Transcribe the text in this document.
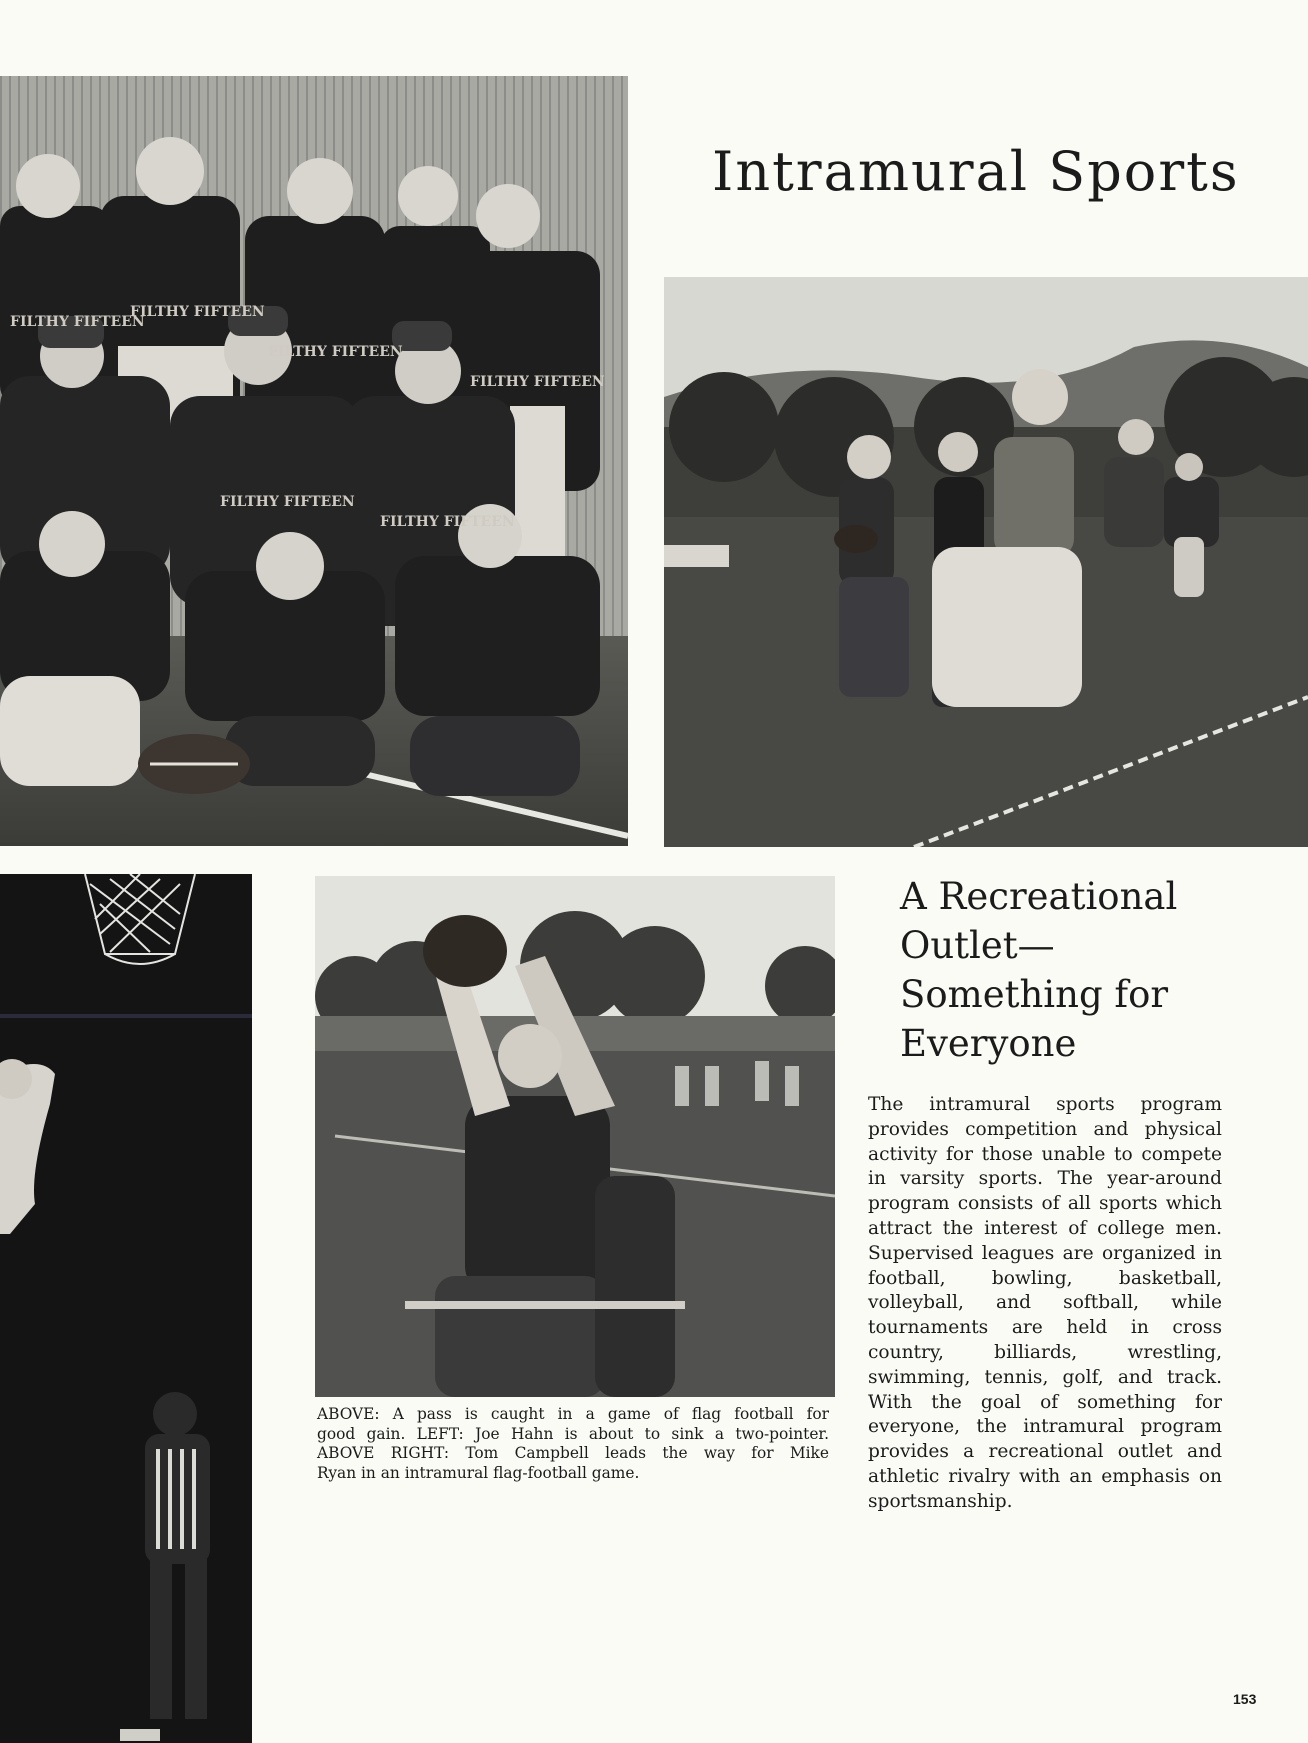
FILTHY FIFTEEN
FILTHY FIFTEEN
FILTHY FIFTEEN
FILTHY FIFTEEN
FILTHY FIFTEEN
FILTHY FIFTEEN
Intramural Sports
A Recreational
Outlet—
Something for
Everyone

The intramural sports program provides competition and physical activity for those unable to compete in varsity sports. The year-around program consists of all sports which attract the interest of college men. Supervised leagues are organized in football, bowling, basketball, volleyball, and softball, while tournaments are held in cross country, billiards, wrestling, swimming, tennis, golf, and track. With the goal of something for everyone, the intramural program provides a recreational outlet and athletic rivalry with an emphasis on sportsmanship.

ABOVE: A pass is caught in a game of flag football for
good gain. LEFT: Joe Hahn is about to sink a two-pointer.
ABOVE RIGHT: Tom Campbell leads the way for Mike
Ryan in an intramural flag-football game.

153
